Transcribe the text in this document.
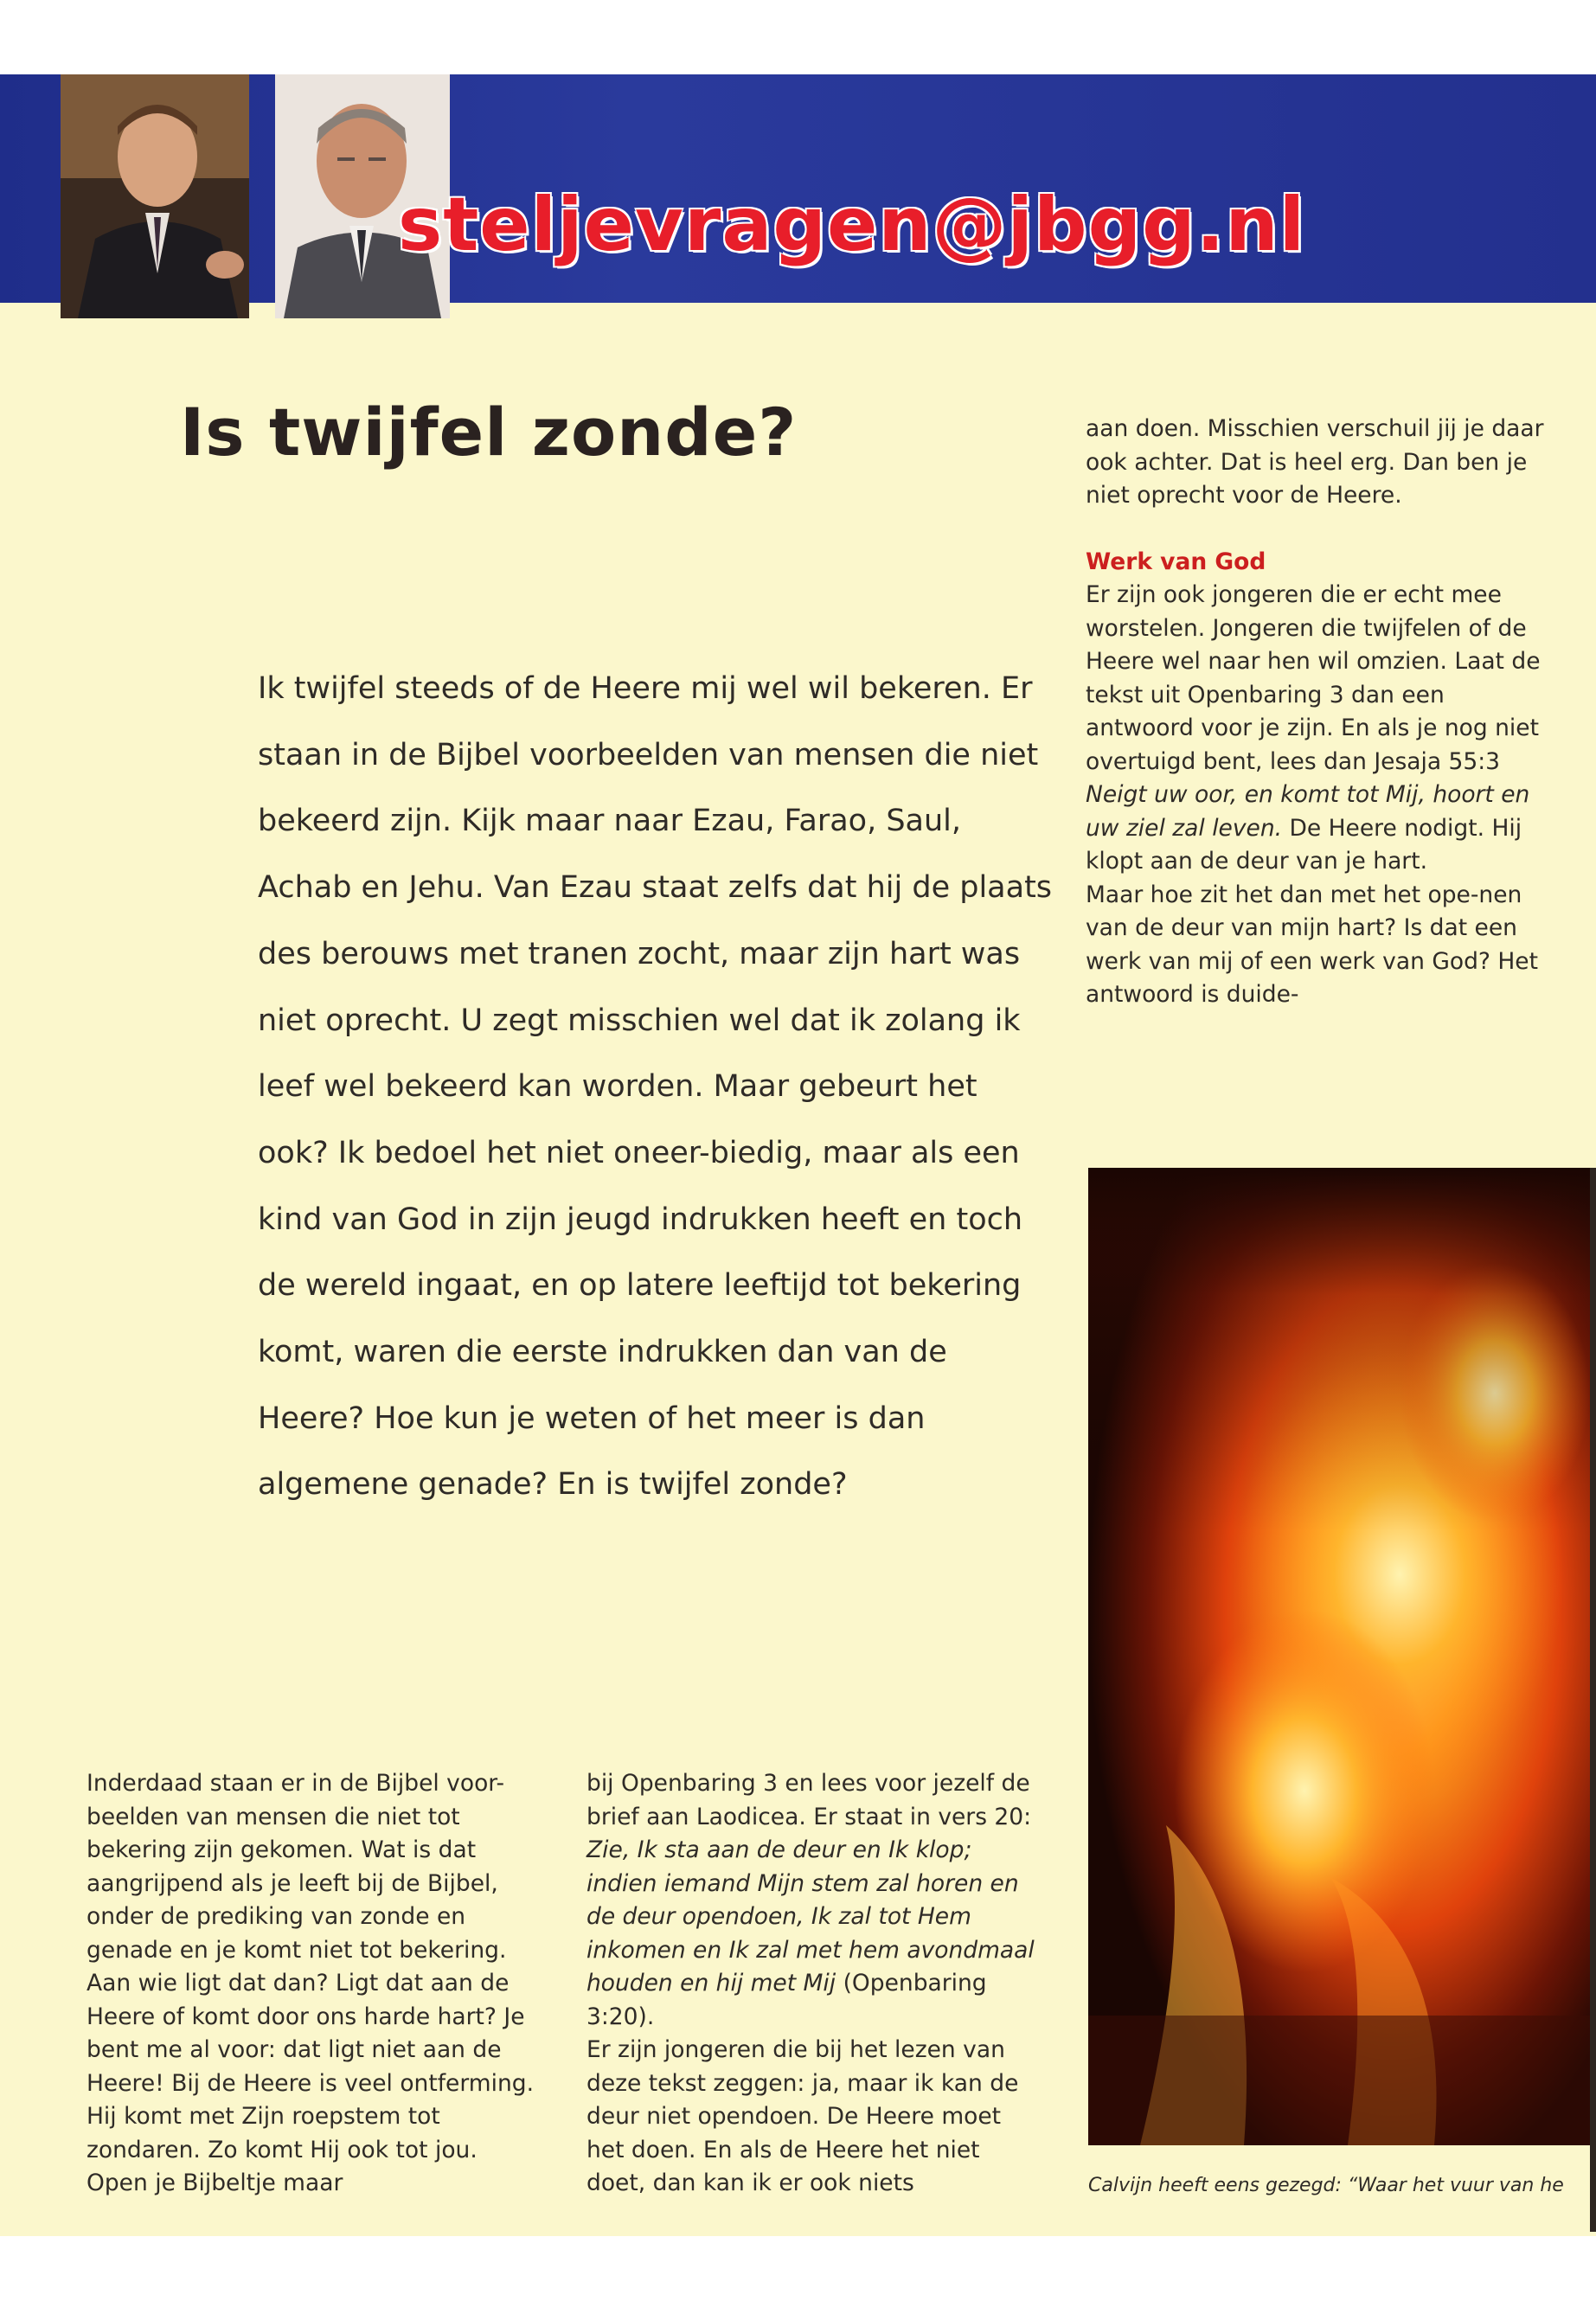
steljevragen@jbgg.nl
Is twijfel zonde?

Ik twijfel steeds of de Heere mij wel wil bekeren. Er staan in de Bijbel voorbeelden van mensen die niet bekeerd zijn. Kijk maar naar Ezau, Farao, Saul, Achab en Jehu. Van Ezau staat zelfs dat hij de plaats des berouws met tranen zocht, maar zijn hart was niet oprecht. U zegt misschien wel dat ik zolang ik leef wel bekeerd kan worden. Maar gebeurt het ook? Ik bedoel het niet oneer-biedig, maar als een kind van God in zijn jeugd indrukken heeft en toch de wereld ingaat, en op latere leeftijd tot bekering komt, waren die eerste indrukken dan van de Heere? Hoe kun je weten of het meer is dan algemene genade? En is twijfel zonde?

Inderdaad staan er in de Bijbel voor-beelden van mensen die niet tot bekering zijn gekomen. Wat is dat aangrijpend als je leeft bij de Bijbel, onder de prediking van zonde en genade en je komt niet tot bekering. Aan wie ligt dat dan? Ligt dat aan de Heere of komt door ons harde hart? Je bent me al voor: dat ligt niet aan de Heere! Bij de Heere is veel ontferming. Hij komt met Zijn roepstem tot zondaren. Zo komt Hij ook tot jou. Open je Bijbeltje maar

bij Openbaring 3 en lees voor jezelf de brief aan Laodicea. Er staat in vers 20: Zie, Ik sta aan de deur en Ik klop; indien iemand Mijn stem zal horen en de deur opendoen, Ik zal tot Hem inkomen en Ik zal met hem avondmaal houden en hij met Mij (Openbaring 3:20).

Er zijn jongeren die bij het lezen van deze tekst zeggen: ja, maar ik kan de deur niet opendoen. De Heere moet het doen. En als de Heere het niet doet, dan kan ik er ook niets

aan doen. Misschien verschuil jij je daar ook achter. Dat is heel erg. Dan ben je niet oprecht voor de Heere.

Werk van God

Er zijn ook jongeren die er echt mee worstelen. Jongeren die twijfelen of de Heere wel naar hen wil omzien. Laat de tekst uit Openbaring 3 dan een antwoord voor je zijn. En als je nog niet overtuigd bent, lees dan Jesaja 55:3 Neigt uw oor, en komt tot Mij, hoort en uw ziel zal leven. De Heere nodigt. Hij klopt aan de deur van je hart.

Maar hoe zit het dan met het ope-nen van de deur van mijn hart? Is dat een werk van mij of een werk van God? Het antwoord is duide-

Calvijn heeft eens gezegd: “Waar het vuur van he
